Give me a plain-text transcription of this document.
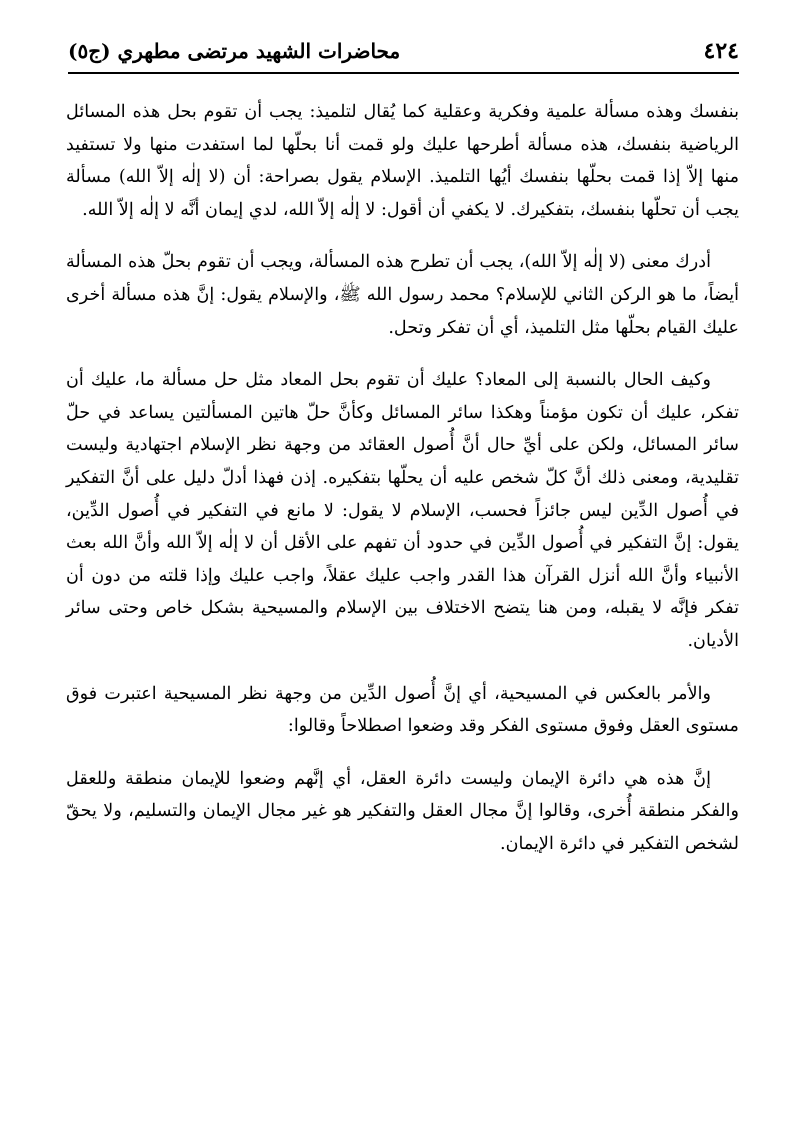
٤٢٤
محاضرات الشهيد مرتضى مطهري (ج٥)

بنفسك وهذه مسألة علمية وفكرية وعقلية كما يُقال لتلميذ: يجب أن تقوم بحل هذه المسائل الرياضية بنفسك، هذه مسألة أطرحها عليك ولو قمت أنا بحلّها لما استفدت منها ولا تستفيد منها إلاّ إذا قمت بحلّها بنفسك أيُها التلميذ. الإسلام يقول بصراحة: أن (لا إلٰه إلاّ الله) مسألة يجب أن تحلّها بنفسك، بتفكيرك. لا يكفي أن أقول: لا إلٰه إلاّ الله، لدي إيمان أنَّه لا إلٰه إلاّ الله.

أدرك معنى (لا إلٰه إلاّ الله)، يجب أن تطرح هذه المسألة، ويجب أن تقوم بحلّ هذه المسألة أيضاً، ما هو الركن الثاني للإسلام؟ محمد رسول الله ﷺ، والإسلام يقول: إنَّ هذه مسألة أخرى عليك القيام بحلّها مثل التلميذ، أي أن تفكر وتحل.

وكيف الحال بالنسبة إلى المعاد؟ عليك أن تقوم بحل المعاد مثل حل مسألة ما، عليك أن تفكر، عليك أن تكون مؤمناً وهكذا سائر المسائل وكأنَّ حلّ هاتين المسألتين يساعد في حلّ سائر المسائل، ولكن على أيِّ حال أنَّ أُصول العقائد من وجهة نظر الإسلام اجتهادية وليست تقليدية، ومعنى ذلك أنَّ كلّ شخص عليه أن يحلّها بتفكيره. إذن فهذا أدلّ دليل على أنَّ التفكير في أُصول الدِّين ليس جائزاً فحسب، الإسلام لا يقول: لا مانع في التفكير في أُصول الدِّين، يقول: إنَّ التفكير في أُصول الدِّين في حدود أن تفهم على الأقل أن لا إلٰه إلاّ الله وأنَّ الله بعث الأنبياء وأنَّ الله أنزل القرآن هذا القدر واجب عليك عقلاً، واجب عليك وإذا قلته من دون أن تفكر فإنَّه لا يقبله، ومن هنا يتضح الاختلاف بين الإسلام والمسيحية بشكل خاص وحتى سائر الأديان.

والأمر بالعكس في المسيحية، أي إنَّ أُصول الدِّين من وجهة نظر المسيحية اعتبرت فوق مستوى العقل وفوق مستوى الفكر وقد وضعوا اصطلاحاً وقالوا:

إنَّ هذه هي دائرة الإيمان وليست دائرة العقل، أي إنَّهم وضعوا للإيمان منطقة وللعقل والفكر منطقة أُخرى، وقالوا إنَّ مجال العقل والتفكير هو غير مجال الإيمان والتسليم، ولا يحقّ لشخص التفكير في دائرة الإيمان.
